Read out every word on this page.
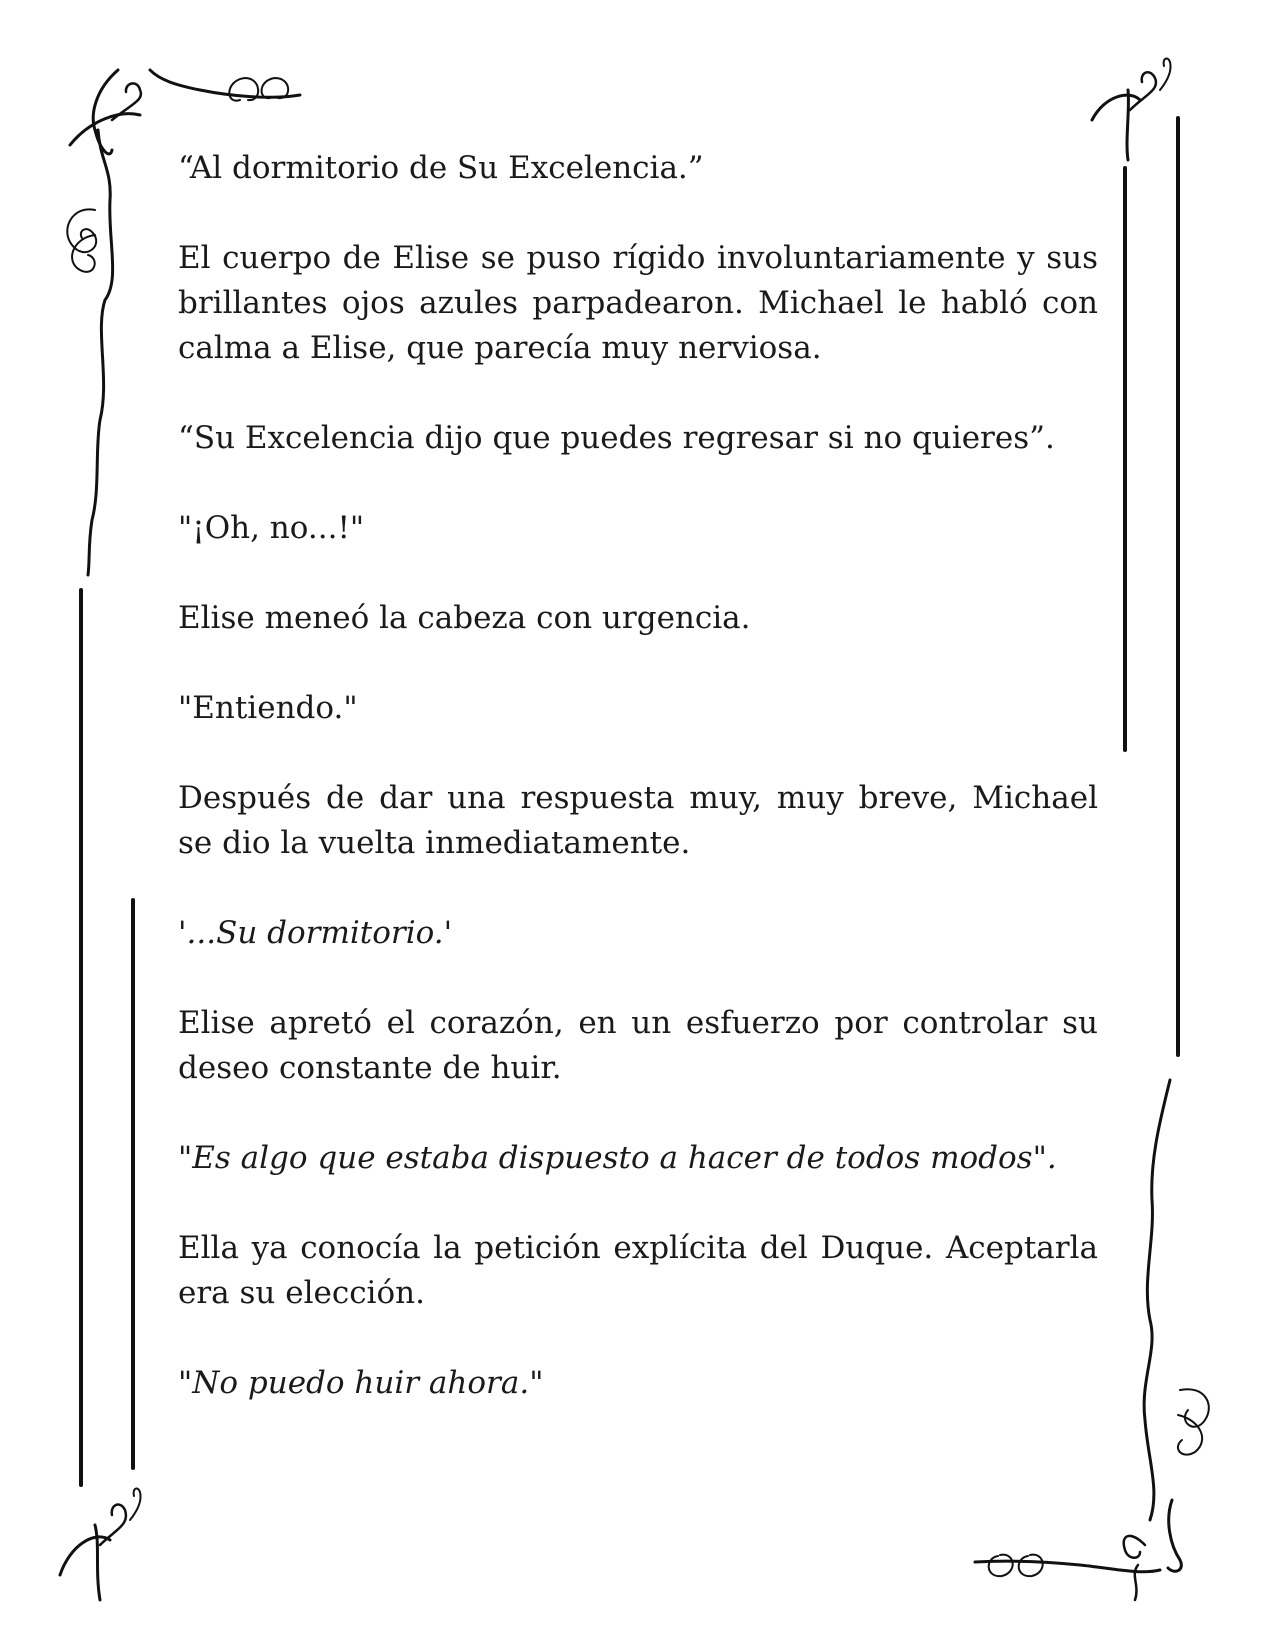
“Al dormitorio de Su Excelencia.”

El cuerpo de Elise se puso rígido involuntariamente y sus brillantes ojos azules parpadearon. Michael le habló con calma a Elise, que parecía muy nerviosa.

“Su Excelencia dijo que puedes regresar si no quieres”.

"¡Oh, no...!"

Elise meneó la cabeza con urgencia.

"Entiendo."

Después de dar una respuesta muy, muy breve, Michael se dio la vuelta inmediatamente.

'...Su dormitorio.'

Elise apretó el corazón, en un esfuerzo por controlar su deseo constante de huir.

"Es algo que estaba dispuesto a hacer de todos modos".

Ella ya conocía la petición explícita del Duque. Aceptarla era su elección.

"No puedo huir ahora."
